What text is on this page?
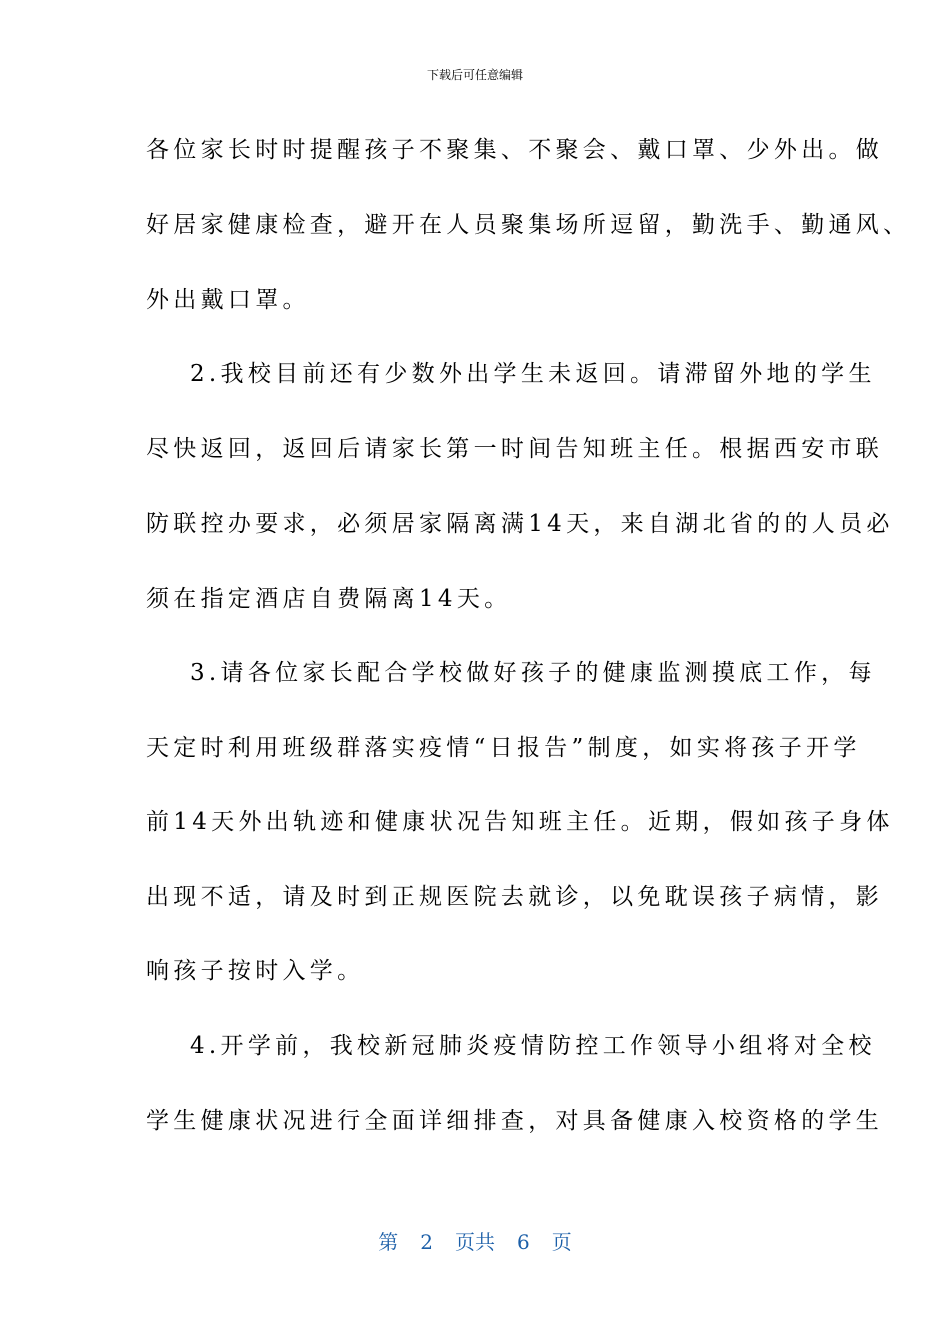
下载后可任意编辑
各位家长时时提醒孩子不聚集、不聚会、戴口罩、少外出。做
好居家健康检查，避开在人员聚集场所逗留，勤洗手、勤通风、
外出戴口罩。
2.我校目前还有少数外出学生未返回。请滞留外地的学生
尽快返回，返回后请家长第一时间告知班主任。根据西安市联
防联控办要求，必须居家隔离满14天，来自湖北省的的人员必
须在指定酒店自费隔离14天。
3.请各位家长配合学校做好孩子的健康监测摸底工作，每
天定时利用班级群落实疫情“日报告”制度，如实将孩子开学
前14天外出轨迹和健康状况告知班主任。近期，假如孩子身体
出现不适，请及时到正规医院去就诊，以免耽误孩子病情，影
响孩子按时入学。
4.开学前，我校新冠肺炎疫情防控工作领导小组将对全校
学生健康状况进行全面详细排查，对具备健康入校资格的学生
第 2 页共 6 页
